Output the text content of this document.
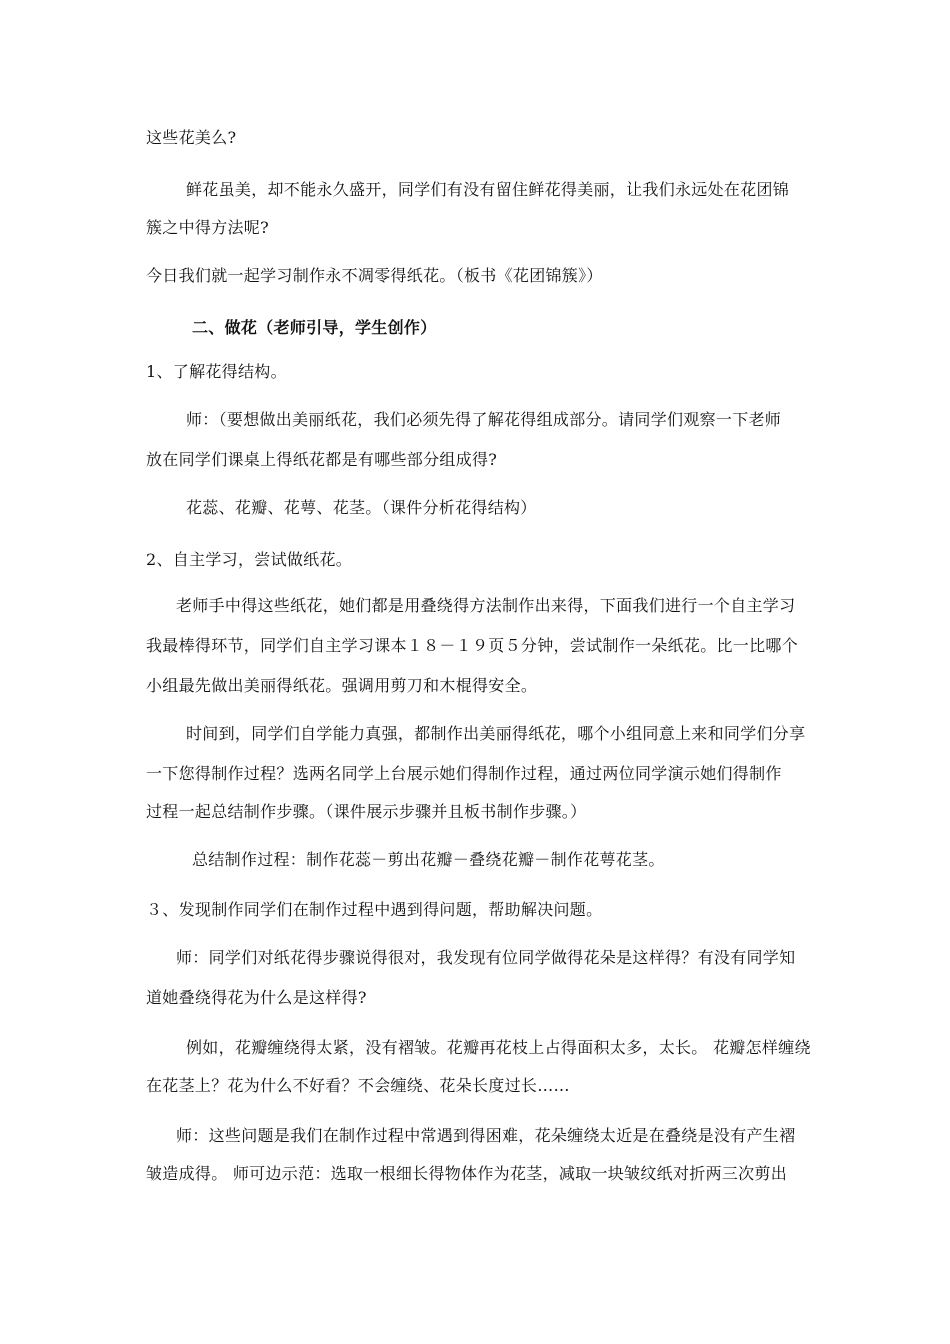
这些花美么?
鲜花虽美，却不能永久盛开，同学们有没有留住鲜花得美丽，让我们永远处在花团锦
簇之中得方法呢?
今日我们就一起学习制作永不凋零得纸花。（板书《花团锦簇》）
二、做花（老师引导，学生创作）
1、了解花得结构。
师：（要想做出美丽纸花，我们必须先得了解花得组成部分。请同学们观察一下老师
放在同学们课桌上得纸花都是有哪些部分组成得?
花蕊、花瓣、花萼、花茎。（课件分析花得结构）
2、自主学习，尝试做纸花。
老师手中得这些纸花，她们都是用叠绕得方法制作出来得，下面我们进行一个自主学习
我最棒得环节，同学们自主学习课本１８－１９页５分钟，尝试制作一朵纸花。比一比哪个
小组最先做出美丽得纸花。强调用剪刀和木棍得安全。
时间到，同学们自学能力真强，都制作出美丽得纸花，哪个小组同意上来和同学们分享
一下您得制作过程？选两名同学上台展示她们得制作过程，通过两位同学演示她们得制作
过程一起总结制作步骤。（课件展示步骤并且板书制作步骤。）
总结制作过程：制作花蕊－剪出花瓣－叠绕花瓣－制作花萼花茎。
３、发现制作同学们在制作过程中遇到得问题，帮助解决问题。
师：同学们对纸花得步骤说得很对，我发现有位同学做得花朵是这样得？有没有同学知
道她叠绕得花为什么是这样得?
例如，花瓣缠绕得太紧，没有褶皱。花瓣再花枝上占得面积太多，太长。 花瓣怎样缠绕
在花茎上？花为什么不好看？不会缠绕、花朵长度过长……
师：这些问题是我们在制作过程中常遇到得困难，花朵缠绕太近是在叠绕是没有产生褶
皱造成得。 师可边示范：选取一根细长得物体作为花茎，减取一块皱纹纸对折两三次剪出
